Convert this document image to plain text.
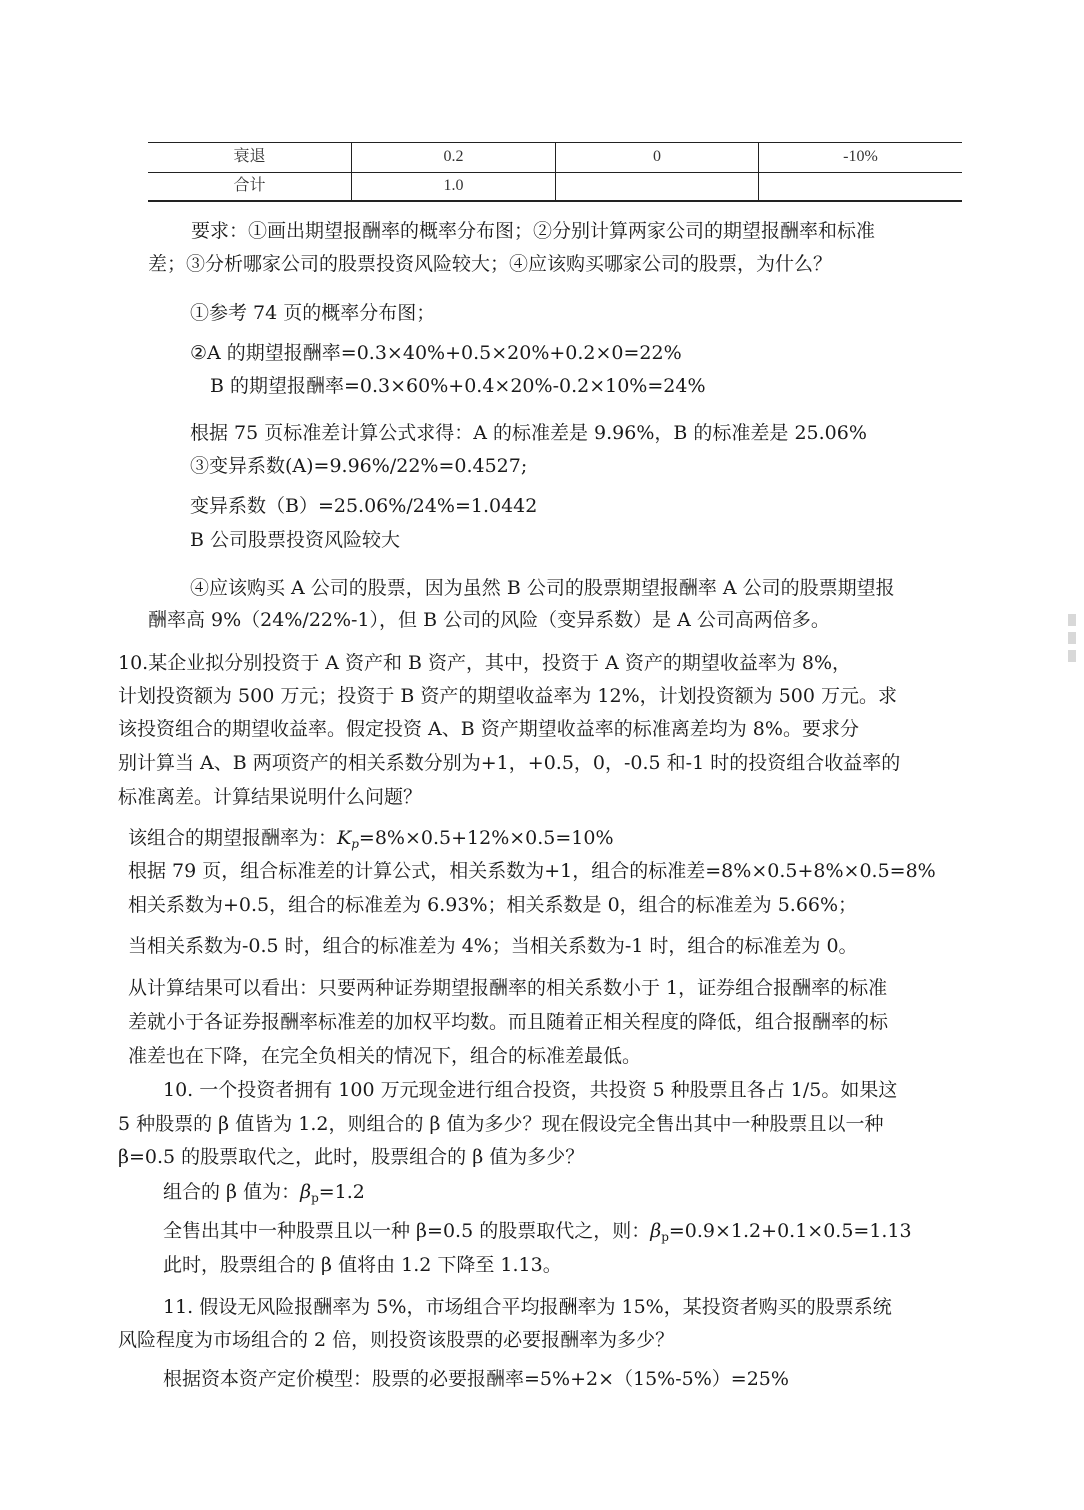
衰退	0.2	0	-10%
合计	1.0
要求：①画出期望报酬率的概率分布图；②分别计算两家公司的期望报酬率和标准
差；③分析哪家公司的股票投资风险较大；④应该购买哪家公司的股票，为什么？
①参考 74 页的概率分布图；
②A 的期望报酬率=0.3×40%+0.5×20%+0.2×0=22%
B 的期望报酬率=0.3×60%+0.4×20%-0.2×10%=24%
根据 75 页标准差计算公式求得：A 的标准差是 9.96%，B 的标准差是 25.06%
③变异系数(A)=9.96%/22%=0.4527;
变异系数（B）=25.06%/24%=1.0442
B 公司股票投资风险较大
④应该购买 A 公司的股票，因为虽然 B 公司的股票期望报酬率 A 公司的股票期望报
酬率高 9%（24%/22%-1），但 B 公司的风险（变异系数）是 A 公司高两倍多。
10.某企业拟分别投资于 A 资产和 B 资产，其中，投资于 A 资产的期望收益率为 8%，
计划投资额为 500 万元；投资于 B 资产的期望收益率为 12%，计划投资额为 500 万元。求
该投资组合的期望收益率。假定投资 A、B 资产期望收益率的标准离差均为 8%。要求分
别计算当 A、B 两项资产的相关系数分别为+1，+0.5，0，-0.5 和-1 时的投资组合收益率的
标准离差。计算结果说明什么问题？
该组合的期望报酬率为：$K_p=8\%\times 0.5+12\%\times 0.5=10\%$
根据 79 页，组合标准差的计算公式，相关系数为+1，组合的标准差=8%×0.5+8%×0.5=8%
相关系数为+0.5，组合的标准差为 6.93%；相关系数是 0，组合的标准差为 5.66%；
当相关系数为-0.5 时，组合的标准差为 4%；当相关系数为-1 时，组合的标准差为 0。
从计算结果可以看出：只要两种证券期望报酬率的相关系数小于 1，证券组合报酬率的标准
差就小于各证券报酬率标准差的加权平均数。而且随着正相关程度的降低，组合报酬率的标
准差也在下降，在完全负相关的情况下，组合的标准差最低。
10. 一个投资者拥有 100 万元现金进行组合投资，共投资 5 种股票且各占 1/5。如果这
5 种股票的 β 值皆为 1.2，则组合的 β 值为多少？现在假设完全售出其中一种股票且以一种
β=0.5 的股票取代之，此时，股票组合的 β 值为多少？
组合的 β 值为：$\beta_p=1.2$
全售出其中一种股票且以一种 β=0.5 的股票取代之，则：$\beta_p=0.9\times 1.2+0.1\times 0.5=1.13$
此时，股票组合的 β 值将由 1.2 下降至 1.13。
11. 假设无风险报酬率为 5%，市场组合平均报酬率为 15%，某投资者购买的股票系统
风险程度为市场组合的 2 倍，则投资该股票的必要报酬率为多少？
根据资本资产定价模型：股票的必要报酬率=5%+2×（15%-5%）=25%
